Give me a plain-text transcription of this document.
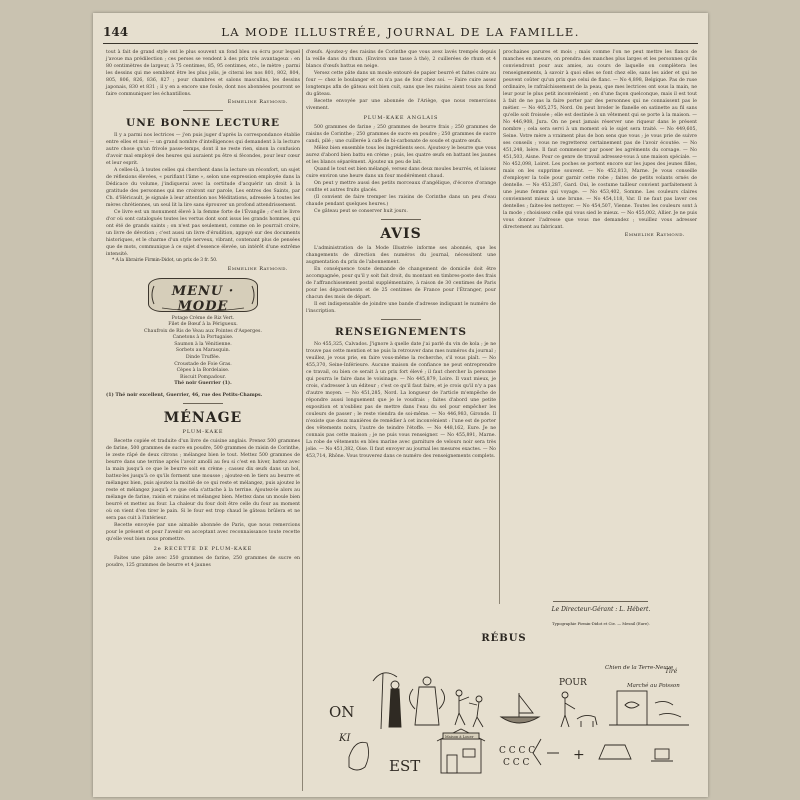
144	LA MODE ILLUSTRÉE, JOURNAL DE LA FAMILLE.

tout à fait de grand style ont le plus souvent un fond bleu ou écru pour lequel j'avoue ma prédilection ; ces perses se vendent à des prix très avantageux : en 80 centimètres de largeur, à 75 centimes, 85, 95 centimes, etc., le mètre ; parmi les dessins qui me semblent être les plus jolis, je citerai les nos 801, 802, 804, 805, 806, 826, 836, 827 ; pour chambres et salons masculins, les dessins japonais, 830 et 831 ; il y en a encore une foule, dont nos abonnées pourront se faire communiquer les échantillons.

Emmeline Raymond.
UNE BONNE LECTURE

Il y a parmi nos lectrices — j'en puis juger d'après la correspondance établie entre elles et moi — un grand nombre d'intelligences qui demandent à la lecture autre chose qu'un frivole passe-temps, dont il ne reste rien, sinon la confusion d'avoir mal employé des heures qui auraient pu être si fécondes, pour leur cœur et leur esprit.

A celles-là, à toutes celles qui cherchent dans la lecture un réconfort, un sujet de réflexions élevées, « purifiant l'âme », selon une expression employée dans la Dédicace du volume, j'indiquerai avec la certitude d'acquérir un droit à la gratitude des personnes qui me croiront sur parole, Les entres des Saints, par Ch. d'Héricault, je signale à leur attention nos Méditations, adressée à toutes les mères chrétiennes, un seul lit la lire sans éprouver un profond attendrissement.

Ce livre est un monument élevé à la femme forte de l'Évangile ; c'est le livre d'or où sont catalogués toutes les vertus dont sont issus les grands hommes, qui ont été de grands saints ; on n'est pas seulement, comme on le pourrait croire, un livre de dévotion ; c'est aussi un livre d'érudition, appuyé sur des documents historiques, et le charme d'un style nerveux, vibrant, contenant plus de pensées que de mots, communique à ce sujet d'essence élevée, un intérêt d'une extrême intensité.

* A la librairie Firmin-Didot, un prix de 3 fr. 50.

Emmeline Raymond.
MENU · MODE
Potage Crème de Riz Vert.
Filet de Bœuf à la Périgueux.
Chaufroix de Ris de Veau aux Pointes d'Asperges.
Canetons à la Portugaise.
Saumon à la Vénitienne.
Sorbets au Marasquin.
Dinde Truffée.
Croustade de Foie Gras.
Cèpes à la Bordelaise.
Biscuit Pompadour.
Thé noir Guerrier (1).

(1) Thé noir excellent, Guerrier, 46, rue des Petits-Champs.

MÉNAGE
PLUM-KAKE

Recette copiée et traduite d'un livre de cuisine anglais. Prenez 500 grammes de farine, 500 grammes de sucre en poudre, 500 grammes de raisin de Corinthe, le zeste râpé de deux citrons ; mélangez bien le tout. Mettez 500 grammes de beurre dans une terrine après l'avoir amolli au feu si c'est en hiver, battez avec la main jusqu'à ce que le beurre soit en crème ; cassez dix œufs dans un bol, battez-les jusqu'à ce qu'ils forment une mousse ; ajoutez-en le tiers au beurre et mélangez bien, puis ajoutez la moitié de ce qui reste et mélangez, puis ajoutez le reste et mélangez jusqu'à ce que cela s'attache à la terrine. Ajoutez-le alors au mélange de farine, raisin et raisins et mélangez bien. Mettez dans un moule bien beurré et mettez au four. La chaleur du four doit être celle du four au moment où on vient d'en tirer le pain. Si le four est trop chaud le gâteau brûlera et ne sera pas cuit à l'intérieur.

Recette envoyée par une aimable abonnée de Paris, que nous remercions pour le présent et pour l'avenir en acceptant avec reconnaissance toute recette qu'elle veut bien nous promettre.

2e RECETTE DE PLUM-KAKE

Faites une pâte avec 250 grammes de farine, 250 grammes de sucre en poudre, 125 grammes de beurre et 4 jaunes

d'œufs. Ajoutez-y des raisins de Corinthe que vous avez lavés trempés depuis la veille dans du rhum. (Environ une tasse à thé), 2 cuillerées de rhum et 4 blancs d'œufs battus en neige.

Versez cette pâte dans un moule entouré de papier beurré et faites cuire au four — chez le boulanger et on n'a pas de four chez soi. — Faire cuire assez longtemps afin de gâteau soit bien cuit, sans que les raisins aient tous au fond du gâteau.

Recette envoyée par une abonnée de l'Ariège, que nous remercions vivement.

PLUM-KAKE ANGLAIS

500 grammes de farine ; 250 grammes de beurre frais ; 250 grammes de raisins de Corinthe ; 250 grammes de sucre en poudre ; 250 grammes de sucre candi, pilé ; une cuillerée à café de bi-carbonate de soude et quatre œufs.

Mêlez bien ensemble tous les ingrédients secs. Ajoutez-y le beurre que vous aurez d'abord bien battu en crème ; puis, les quatre œufs en battant les jaunes et les blancs séparément. Ajoutez un peu de lait.

Quand le tout est bien mélangé, versez dans deux moules beurrés, et laissez cuire environ une heure dans un four modérément chaud.

On peut y mettre aussi des petits morceaux d'angélique, d'écorce d'orange confite et autres fruits glacés.

(Il convient de faire tremper les raisins de Corinthe dans un peu d'eau chaude pendant quelques heures.)

Ce gâteau peut se conserver huit jours.

AVIS

L'administration de la Mode Illustrée informe ses abonnés, que les changements de direction des numéros du journal, nécessitent une augmentation du prix de l'abonnement.

En conséquence toute demande de changement de domicile doit être accompagnée, pour qu'il y soit fait droit, du montant en timbres-poste des frais de l'affranchissement postal supplémentaire, à raison de 30 centimes de Paris pour les départements et de 25 centimes de France pour l'Étranger, pour chacun des mois de départ.

Il est indispensable de joindre une bande d'adresse indiquant le numéro de l'inscription.

RENSEIGNEMENTS

No 455,325, Calvados. J'ignore à quelle date j'ai parlé du vin de kola ; je ne trouve pas cette mention et ne puis la retrouver dans mes numéros du journal ; veuillez, je vous prie, en faire vous-même la recherche, s'il vous plaît. — No 455,370, Seine-Inférieure. Aucune maison de confiance ne peut entreprendre ce travail, ou bien ce serait à un prix fort élevé ; il faut chercher la personne qui pourra le faire dans le voisinage. — No 445,879, Loire. Il vaut mieux, je crois, s'adresser à un éditeur ; c'est ce qu'il faut faire, et je crois qu'il n'y a pas d'autre moyen. — No 451,285, Nord. La longueur de l'article m'empêche de répondre aussi longuement que je le voudrais ; faites d'abord une petite exposition et n'oubliez pas de mettre dans l'eau du sel pour empêcher les couleurs de passer ; le reste viendra de soi-même. — No 446,983, Gironde. Il n'existe que deux manières de remédier à cet inconvénient : l'une est de porter des vêtements noirs, l'autre de teindre l'étoffe. — No 448,162, Eure. Je ne connais pas cette maison ; je ne puis vous renseigner. — No 455,891, Marne. La robe de vêtements en bleu marine avec garniture de velours noir sera très jolie. — No 451,382, Oise. Il faut envoyer au journal les mesures exactes. — No 453,714, Rhône. Vous trouverez dans ce numéro des renseignements complets.

prochaines parures et mois ; mais comme l'on ne peut mettre les flancs de manches en mesure, on prendra des manches plus larges et les personnes qu'ils conviendront pour aux amies, au cours de laquelle on complètera les renseignements, à savoir à quoi elles se font chez elle, sans les aider et qui ne peuvent coûter qu'un prix que celui de flanc. — No 4,898, Belgique. Pas de ruse ordinaire, le rafraîchissement de la peau, que mes lectrices ont sous la main, ne leur pour le plus petit inconvénient ; en d'une façon quelconque, mais il est tout à fait de ne pas la faire porter par des personnes qui ne connaissent pas le métier. — No 405,275, Nord. On peut broder le flanelle en satinette au fil sans qu'elle soit froissée ; elle est destinée à un vêtement qui se porte à la maison. — No 446,908, Jura. On ne peut jamais réserver une riqueur dans le présent nombre ; cela sera servi à un moment où le sujet sera traité. — No 449,605, Seine. Votre mère a vraiment plus de bon sens que vous ; je vous prie de suivre ses conseils ; vous ne regretterez certainement pas de l'avoir écoutée. — No 451,248, Isère. Il faut commencer par poser les agréments du corsage. — No 451,503, Aisne. Pour ce genre de travail adressez-vous à une maison spéciale. — No 452,098, Loiret. Les poches se portent encore sur les jupes des jeunes filles, mais on les supprime souvent. — No 452,813, Marne. Je vous conseille d'employer la toile pour garnir cette robe ; faites de petits volants ornés de dentelle. — No 453,287, Gard. Oui, le costume tailleur convient parfaitement à une jeune femme qui voyage. — No 453,402, Somme. Les couleurs claires conviennent mieux à une brune. — No 454,118, Var. Il ne faut pas laver ces dentelles ; faites-les nettoyer. — No 454,507, Vienne. Toutes les couleurs sont à la mode ; choisissez celle qui vous sied le mieux. — No 455,002, Allier. Je ne puis vous donner l'adresse que vous me demandez ; veuillez vous adresser directement au fabricant.

Emmeline Raymond.
Le Directeur-Gérant : L. Hébert.
Typographie Firmin-Didot et Cie. — Mesnil (Eure).
KI
C C C C
C C C	+
ON
POUR
Chien de la Terre-Neuve
Tiré
Marché au Poisson
EST
Maison à Louer
RÉBUS
